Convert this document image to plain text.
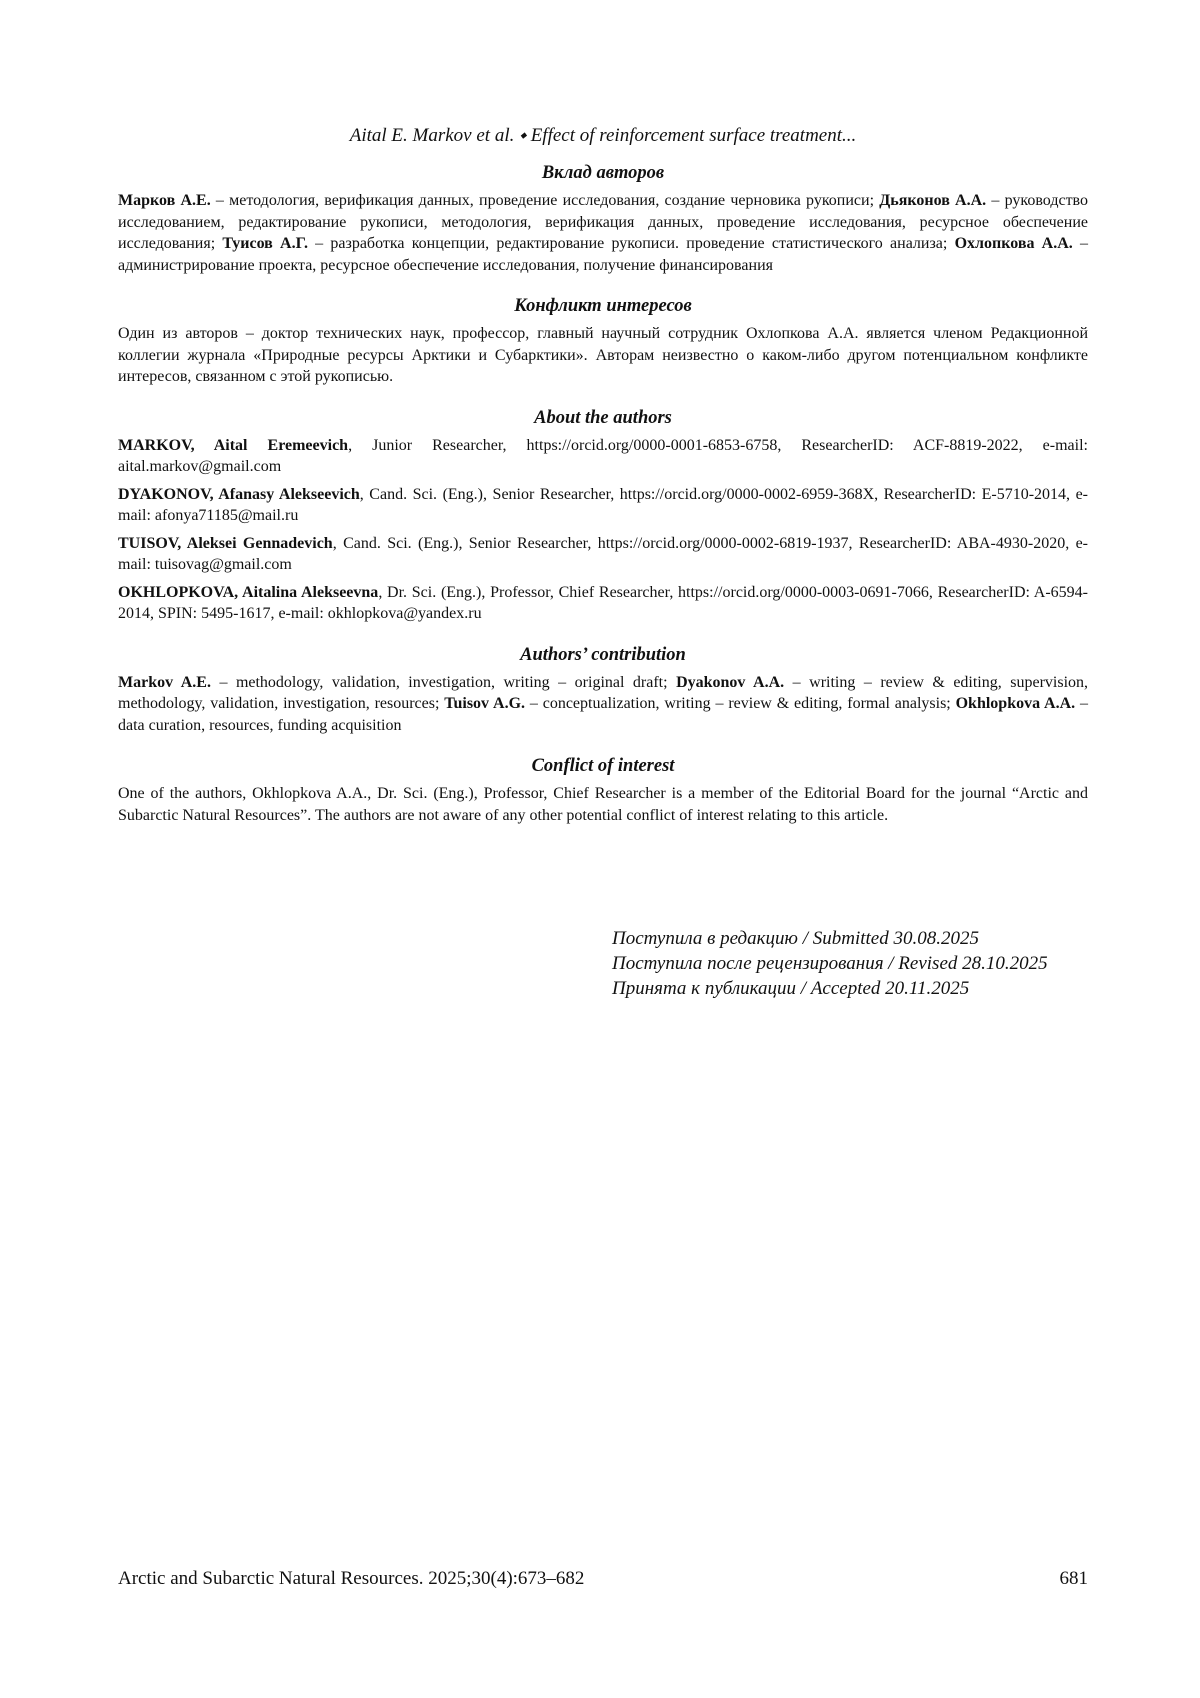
Aital E. Markov et al. ⬩ Effect of reinforcement surface treatment...
Вклад авторов

Марков А.Е. – методология, верификация данных, проведение исследования, создание черновика рукописи; Дьяконов А.А. – руководство исследованием, редактирование рукописи, методология, верификация данных, проведение исследования, ресурсное обеспечение исследования; Туисов А.Г. – разработка концепции, редактирование рукописи. проведение статистического анализа; Охлопкова А.А. – администрирование проекта, ресурсное обеспечение исследования, получение финансирования

Конфликт интересов

Один из авторов – доктор технических наук, профессор, главный научный сотрудник Охлопкова А.А. является членом Редакционной коллегии журнала «Природные ресурсы Арктики и Субарктики». Авторам неизвестно о каком-либо другом потенциальном конфликте интересов, связанном с этой рукописью.

About the authors

MARKOV, Aital Eremeevich, Junior Researcher, https://orcid.org/0000-0001-6853-6758, ResearcherID: ACF-8819-2022, e-mail: aital.markov@gmail.com

DYAKONOV, Afanasy Alekseevich, Cand. Sci. (Eng.), Senior Researcher, https://orcid.org/0000-0002-6959-368X, ResearcherID: E-5710-2014, e-mail: afonya71185@mail.ru

TUISOV, Aleksei Gennadevich, Cand. Sci. (Eng.), Senior Researcher, https://orcid.org/0000-0002-6819-1937, ResearcherID: ABA-4930-2020, e-mail: tuisovag@gmail.com

OKHLOPKOVA, Aitalina Alekseevna, Dr. Sci. (Eng.), Professor, Chief Researcher, https://orcid.org/0000-0003-0691-7066, ResearcherID: A-6594-2014, SPIN: 5495-1617, e-mail: okhlopkova@yandex.ru

Authors’ contribution

Markov A.E. – methodology, validation, investigation, writing – original draft; Dyakonov A.A. – writing – review & editing, supervision, methodology, validation, investigation, resources; Tuisov A.G. – conceptualization, writing – review & editing, formal analysis; Okhlopkova A.A. – data curation, resources, funding acquisition

Conflict of interest

One of the authors, Okhlopkova A.A., Dr. Sci. (Eng.), Professor, Chief Researcher is a member of the Editorial Board for the journal “Arctic and Subarctic Natural Resources”. The authors are not aware of any other potential conflict of interest relating to this article.

Поступила в редакцию / Submitted 30.08.2025
Поступила после рецензирования / Revised 28.10.2025
Принята к публикации / Accepted 20.11.2025
Arctic and Subarctic Natural Resources. 2025;30(4):673–682	681
